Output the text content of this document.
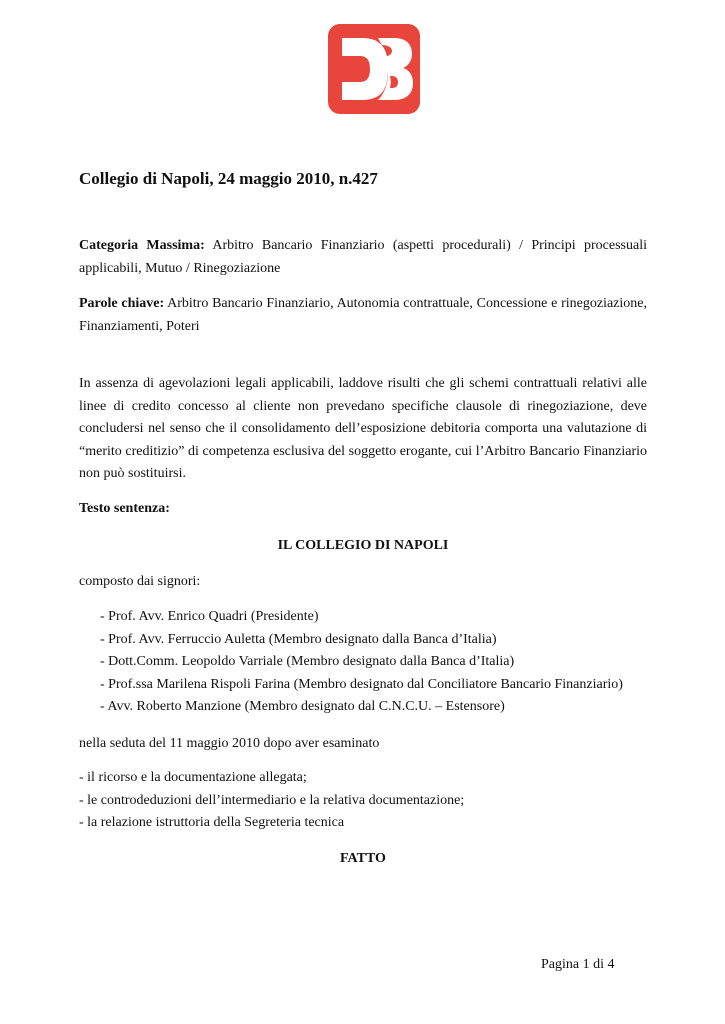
Collegio di Napoli, 24 maggio 2010, n.427

Categoria Massima: Arbitro Bancario Finanziario (aspetti procedurali) / Principi processuali applicabili, Mutuo / Rinegoziazione

Parole chiave: Arbitro Bancario Finanziario, Autonomia contrattuale, Concessione e rinegoziazione, Finanziamenti, Poteri

In assenza di agevolazioni legali applicabili, laddove risulti che gli schemi contrattuali relativi alle linee di credito concesso al cliente non prevedano specifiche clausole di rinegoziazione, deve concludersi nel senso che il consolidamento dell’esposizione debitoria comporta una valutazione di “merito creditizio” di competenza esclusiva del soggetto erogante, cui l’Arbitro Bancario Finanziario non può sostituirsi.

Testo sentenza:

IL COLLEGIO DI NAPOLI

composto dai signori:

- Prof. Avv. Enrico Quadri (Presidente)
- Prof. Avv. Ferruccio Auletta (Membro designato dalla Banca d’Italia)
- Dott.Comm. Leopoldo Varriale (Membro designato dalla Banca d’Italia)
- Prof.ssa Marilena Rispoli Farina (Membro designato dal Conciliatore Bancario Finanziario)
- Avv. Roberto Manzione (Membro designato dal C.N.C.U. – Estensore)

nella seduta del 11 maggio 2010 dopo aver esaminato

- il ricorso e la documentazione allegata;
- le controdeduzioni dell’intermediario e la relativa documentazione;
- la relazione istruttoria della Segreteria tecnica

FATTO

Pagina 1 di 4
